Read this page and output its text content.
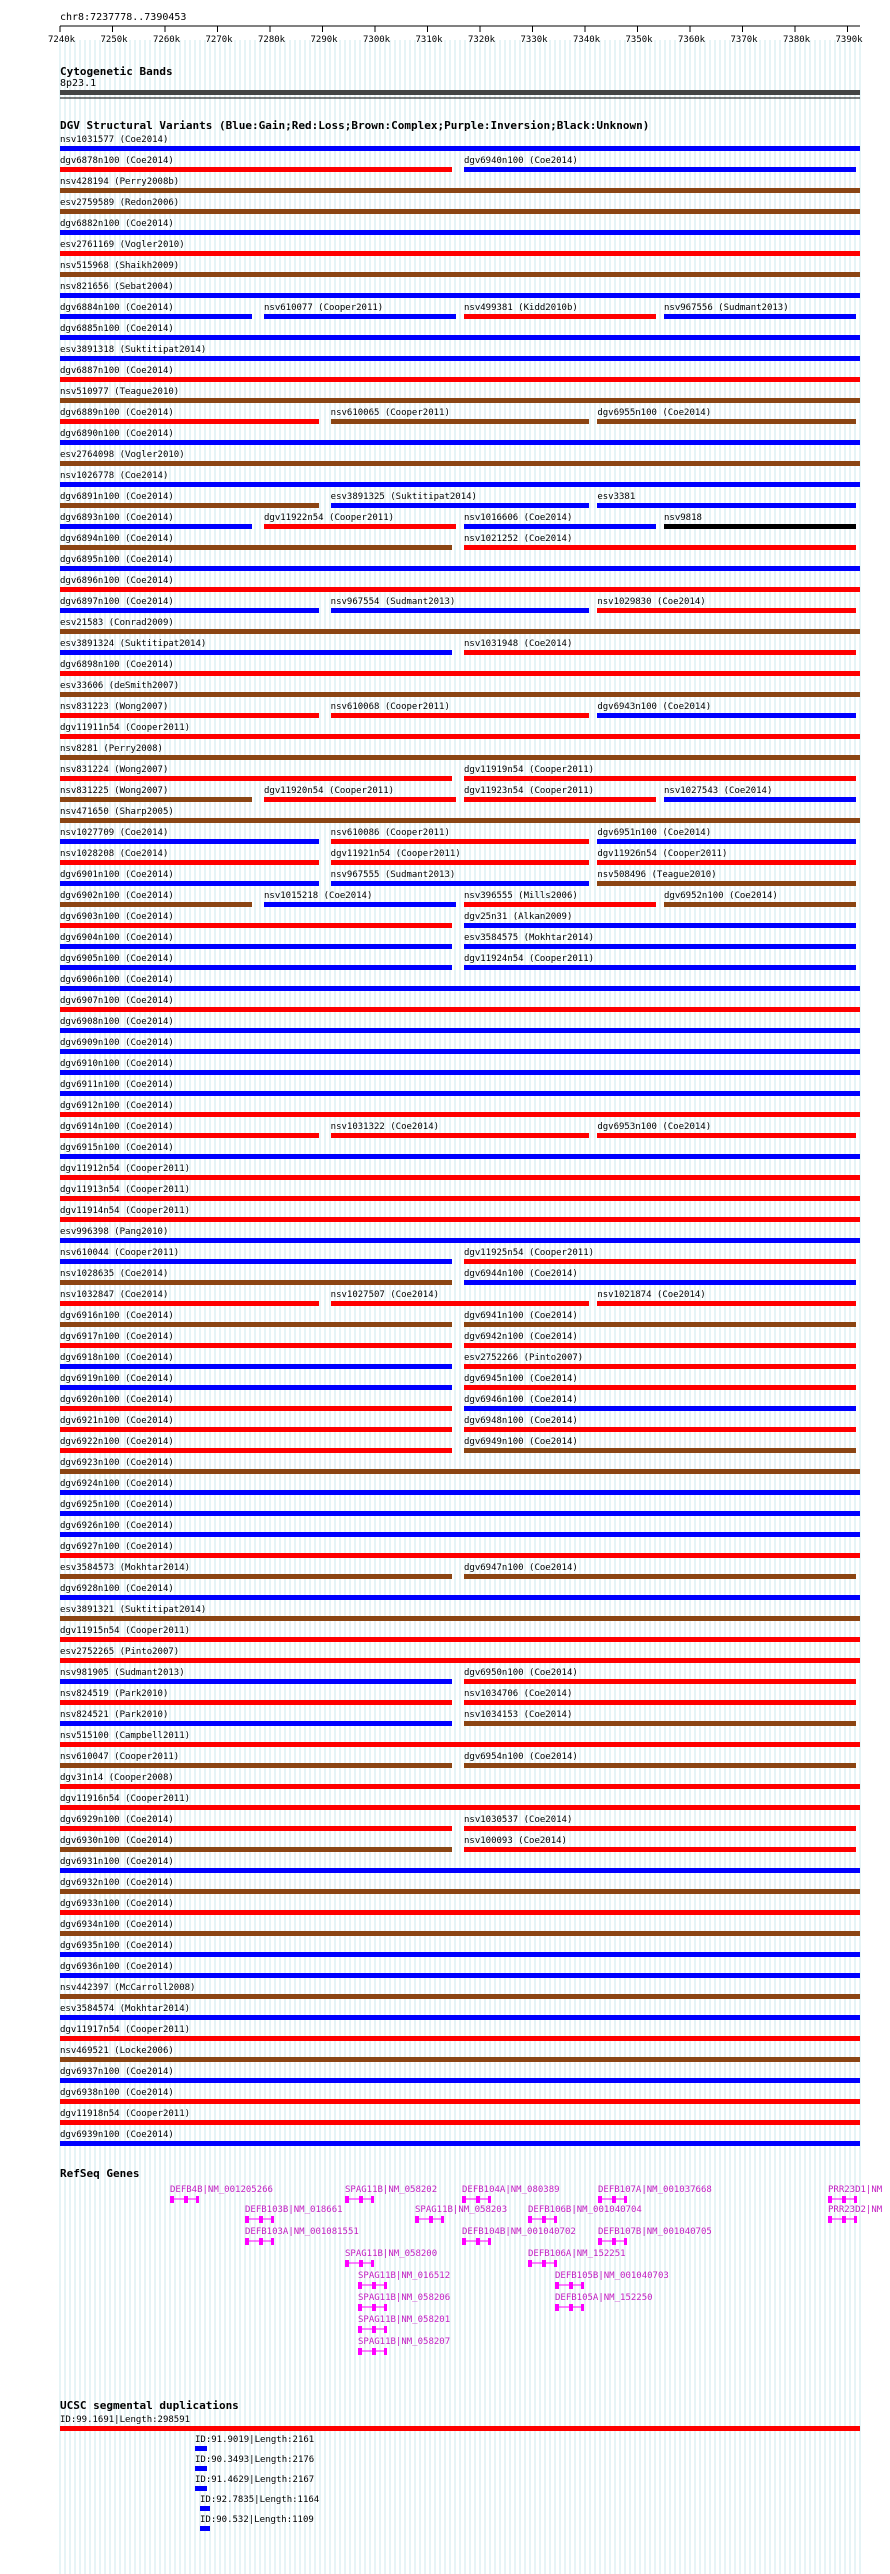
chr8:7237778..7390453
7240k	7250k	7260k	7270k	7280k	7290k	7300k	7310k	7320k	7330k	7340k	7350k	7360k	7370k	7380k	7390k
Cytogenetic Bands
8p23.1
DGV Structural Variants (Blue:Gain;Red:Loss;Brown:Complex;Purple:Inversion;Black:Unknown)
nsv1031577 (Coe2014)
dgv6878n100 (Coe2014)	dgv6940n100 (Coe2014)
nsv428194 (Perry2008b)
esv2759589 (Redon2006)
dgv6882n100 (Coe2014)
esv2761169 (Vogler2010)
nsv515968 (Shaikh2009)
nsv821656 (Sebat2004)
dgv6884n100 (Coe2014)	nsv610077 (Cooper2011)	nsv499381 (Kidd2010b)	nsv967556 (Sudmant2013)
dgv6885n100 (Coe2014)
esv3891318 (Suktitipat2014)
dgv6887n100 (Coe2014)
nsv510977 (Teague2010)
dgv6889n100 (Coe2014)	nsv610065 (Cooper2011)	dgv6955n100 (Coe2014)
dgv6890n100 (Coe2014)
esv2764098 (Vogler2010)
nsv1026778 (Coe2014)
dgv6891n100 (Coe2014)	esv3891325 (Suktitipat2014)	esv3381
dgv6893n100 (Coe2014)	dgv11922n54 (Cooper2011)	nsv1016606 (Coe2014)	nsv9818
dgv6894n100 (Coe2014)	nsv1021252 (Coe2014)
dgv6895n100 (Coe2014)
dgv6896n100 (Coe2014)
dgv6897n100 (Coe2014)	nsv967554 (Sudmant2013)	nsv1029830 (Coe2014)
esv21583 (Conrad2009)
esv3891324 (Suktitipat2014)	nsv1031948 (Coe2014)
dgv6898n100 (Coe2014)
esv33606 (deSmith2007)
nsv831223 (Wong2007)	nsv610068 (Cooper2011)	dgv6943n100 (Coe2014)
dgv11911n54 (Cooper2011)
nsv8281 (Perry2008)
nsv831224 (Wong2007)	dgv11919n54 (Cooper2011)
nsv831225 (Wong2007)	dgv11920n54 (Cooper2011)	dgv11923n54 (Cooper2011)	nsv1027543 (Coe2014)
nsv471650 (Sharp2005)
nsv1027709 (Coe2014)	nsv610086 (Cooper2011)	dgv6951n100 (Coe2014)
nsv1028208 (Coe2014)	dgv11921n54 (Cooper2011)	dgv11926n54 (Cooper2011)
dgv6901n100 (Coe2014)	nsv967555 (Sudmant2013)	nsv508496 (Teague2010)
dgv6902n100 (Coe2014)	nsv1015218 (Coe2014)	nsv396555 (Mills2006)	dgv6952n100 (Coe2014)
dgv6903n100 (Coe2014)	dgv25n31 (Alkan2009)
dgv6904n100 (Coe2014)	esv3584575 (Mokhtar2014)
dgv6905n100 (Coe2014)	dgv11924n54 (Cooper2011)
dgv6906n100 (Coe2014)
dgv6907n100 (Coe2014)
dgv6908n100 (Coe2014)
dgv6909n100 (Coe2014)
dgv6910n100 (Coe2014)
dgv6911n100 (Coe2014)
dgv6912n100 (Coe2014)
dgv6914n100 (Coe2014)	nsv1031322 (Coe2014)	dgv6953n100 (Coe2014)
dgv6915n100 (Coe2014)
dgv11912n54 (Cooper2011)
dgv11913n54 (Cooper2011)
dgv11914n54 (Cooper2011)
esv996398 (Pang2010)
nsv610044 (Cooper2011)	dgv11925n54 (Cooper2011)
nsv1028635 (Coe2014)	dgv6944n100 (Coe2014)
nsv1032847 (Coe2014)	nsv1027507 (Coe2014)	nsv1021874 (Coe2014)
dgv6916n100 (Coe2014)	dgv6941n100 (Coe2014)
dgv6917n100 (Coe2014)	dgv6942n100 (Coe2014)
dgv6918n100 (Coe2014)	esv2752266 (Pinto2007)
dgv6919n100 (Coe2014)	dgv6945n100 (Coe2014)
dgv6920n100 (Coe2014)	dgv6946n100 (Coe2014)
dgv6921n100 (Coe2014)	dgv6948n100 (Coe2014)
dgv6922n100 (Coe2014)	dgv6949n100 (Coe2014)
dgv6923n100 (Coe2014)
dgv6924n100 (Coe2014)
dgv6925n100 (Coe2014)
dgv6926n100 (Coe2014)
dgv6927n100 (Coe2014)
esv3584573 (Mokhtar2014)	dgv6947n100 (Coe2014)
dgv6928n100 (Coe2014)
esv3891321 (Suktitipat2014)
dgv11915n54 (Cooper2011)
esv2752265 (Pinto2007)
nsv981905 (Sudmant2013)	dgv6950n100 (Coe2014)
nsv824519 (Park2010)	nsv1034706 (Coe2014)
nsv824521 (Park2010)	nsv1034153 (Coe2014)
nsv515100 (Campbell2011)
nsv610047 (Cooper2011)	dgv6954n100 (Coe2014)
dgv31n14 (Cooper2008)
dgv11916n54 (Cooper2011)
dgv6929n100 (Coe2014)	nsv1030537 (Coe2014)
dgv6930n100 (Coe2014)	nsv100093 (Coe2014)
dgv6931n100 (Coe2014)
dgv6932n100 (Coe2014)
dgv6933n100 (Coe2014)
dgv6934n100 (Coe2014)
dgv6935n100 (Coe2014)
dgv6936n100 (Coe2014)
nsv442397 (McCarroll2008)
esv3584574 (Mokhtar2014)
dgv11917n54 (Cooper2011)
nsv469521 (Locke2006)
dgv6937n100 (Coe2014)
dgv6938n100 (Coe2014)
dgv11918n54 (Cooper2011)
dgv6939n100 (Coe2014)
RefSeq Genes
DEFB4B|NM_001205266	SPAG11B|NM_058202	DEFB104A|NM_080389	DEFB107A|NM_001037668	PRR23D1|NM
PRR23D2|NM
DEFB103B|NM_018661	SPAG11B|NM_058203 DEFB106B|NM_001040704
DEFB103A|NM_001081551	DEFB104B|NM_001040702 DEFB107B|NM_001040705
SPAG11B|NM_058200	DEFB106A|NM_152251
SPAG11B|NM_016512	DEFB105B|NM_001040703
SPAG11B|NM_058206	DEFB105A|NM_152250
SPAG11B|NM_058201
SPAG11B|NM_058207
UCSC segmental duplications
ID:99.1691|Length:298591
ID:91.9019|Length:2161
ID:90.3493|Length:2176
ID:91.4629|Length:2167
ID:92.7835|Length:1164
ID:90.532|Length:1109
